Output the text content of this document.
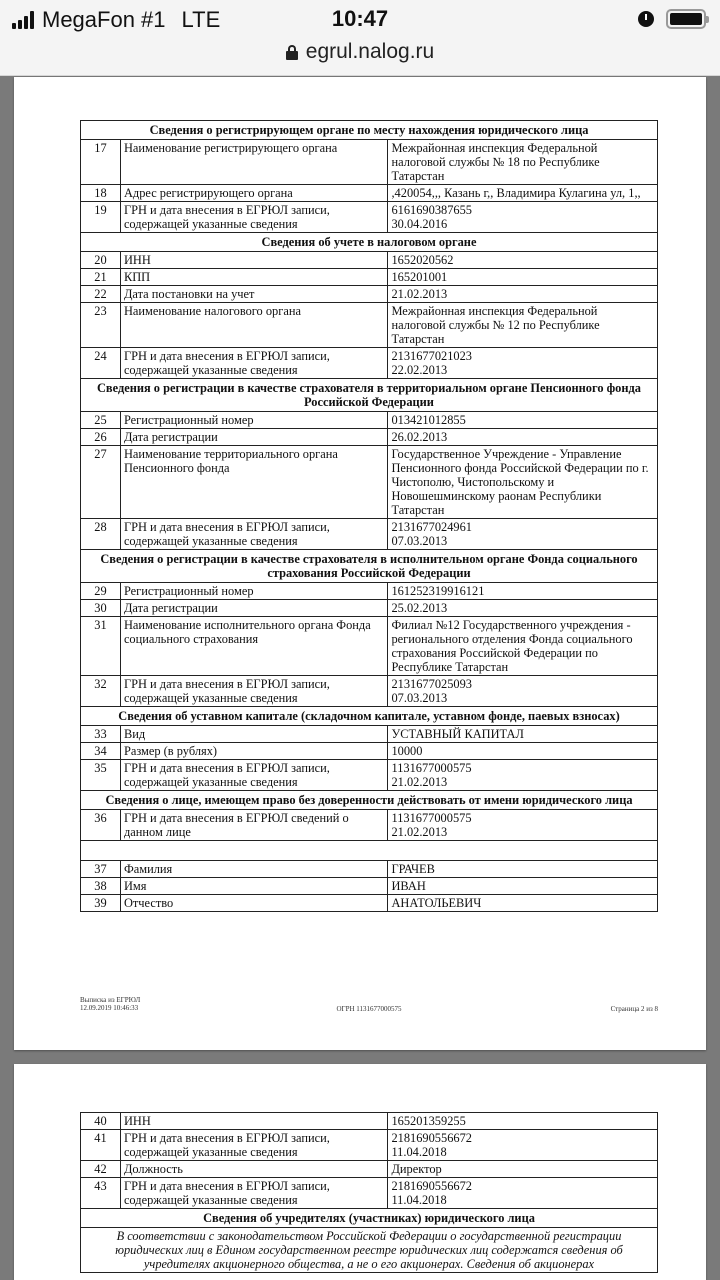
MegaFon #1 LTE	10:47
egrul.nalog.ru
Сведения о регистрирующем органе по месту нахождения юридического лица		
17	Наименование регистрирующего органа	Межрайонная инспекция Федеральной налоговой службы № 18 по Республике Татарстан
18	Адрес регистрирующего органа	,420054,,, Казань г,, Владимира Кулагина ул, 1,,
19	ГРН и дата внесения в ЕГРЮЛ записи, содержащей указанные сведения	6161690387655
30.04.2016

Сведения об учете в налоговом органе		
20	ИНН	1652020562
21	КПП	165201001
22	Дата постановки на учет	21.02.2013
23	Наименование налогового органа	Межрайонная инспекция Федеральной налоговой службы № 12 по Республике Татарстан
24	ГРН и дата внесения в ЕГРЮЛ записи, содержащей указанные сведения	2131677021023
22.02.2013

Сведения о регистрации в качестве страхователя в территориальном органе Пенсионного фонда Российской Федерации		
25	Регистрационный номер	013421012855
26	Дата регистрации	26.02.2013
27	Наименование территориального органа Пенсионного фонда	Государственное Учреждение - Управление Пенсионного фонда Российской Федерации по г. Чистополю, Чистопольскому и Новошешминскому раонам Республики Татарстан
28	ГРН и дата внесения в ЕГРЮЛ записи, содержащей указанные сведения	2131677024961
07.03.2013

Сведения о регистрации в качестве страхователя в исполнительном органе Фонда социального страхования Российской Федерации		
29	Регистрационный номер	161252319916121
30	Дата регистрации	25.02.2013
31	Наименование исполнительного органа Фонда социального страхования	Филиал №12 Государственного учреждения - регионального отделения Фонда социального страхования Российской Федерации по Республике Татарстан
32	ГРН и дата внесения в ЕГРЮЛ записи, содержащей указанные сведения	2131677025093
07.03.2013

Сведения об уставном капитале (складочном капитале, уставном фонде, паевых взносах)		
33	Вид	УСТАВНЫЙ КАПИТАЛ
34	Размер (в рублях)	10000
35	ГРН и дата внесения в ЕГРЮЛ записи, содержащей указанные сведения	1131677000575
21.02.2013

Сведения о лице, имеющем право без доверенности действовать от имени юридического лица		
36	ГРН и дата внесения в ЕГРЮЛ сведений о данном лице	1131677000575
21.02.2013

37	Фамилия	ГРАЧЕВ
38	Имя	ИВАН
39	Отчество	АНАТОЛЬЕВИЧ
Выписка из ЕГРЮЛ
12.09.2019 10:46:33	ОГРН 1131677000575	Страница 2 из 8
40	ИНН	165201359255
41	ГРН и дата внесения в ЕГРЮЛ записи, содержащей указанные сведения	2181690556672
11.04.2018

42	Должность	Директор
43	ГРН и дата внесения в ЕГРЮЛ записи, содержащей указанные сведения	2181690556672
11.04.2018

Сведения об учредителях (участниках) юридического лица		
В соответствии с законодательством Российской Федерации о государственной регистрации юридических лиц в Едином государственном реестре юридических лиц содержатся сведения об учредителях акционерного общества, а не о его акционерах. Сведения об акционерах		
